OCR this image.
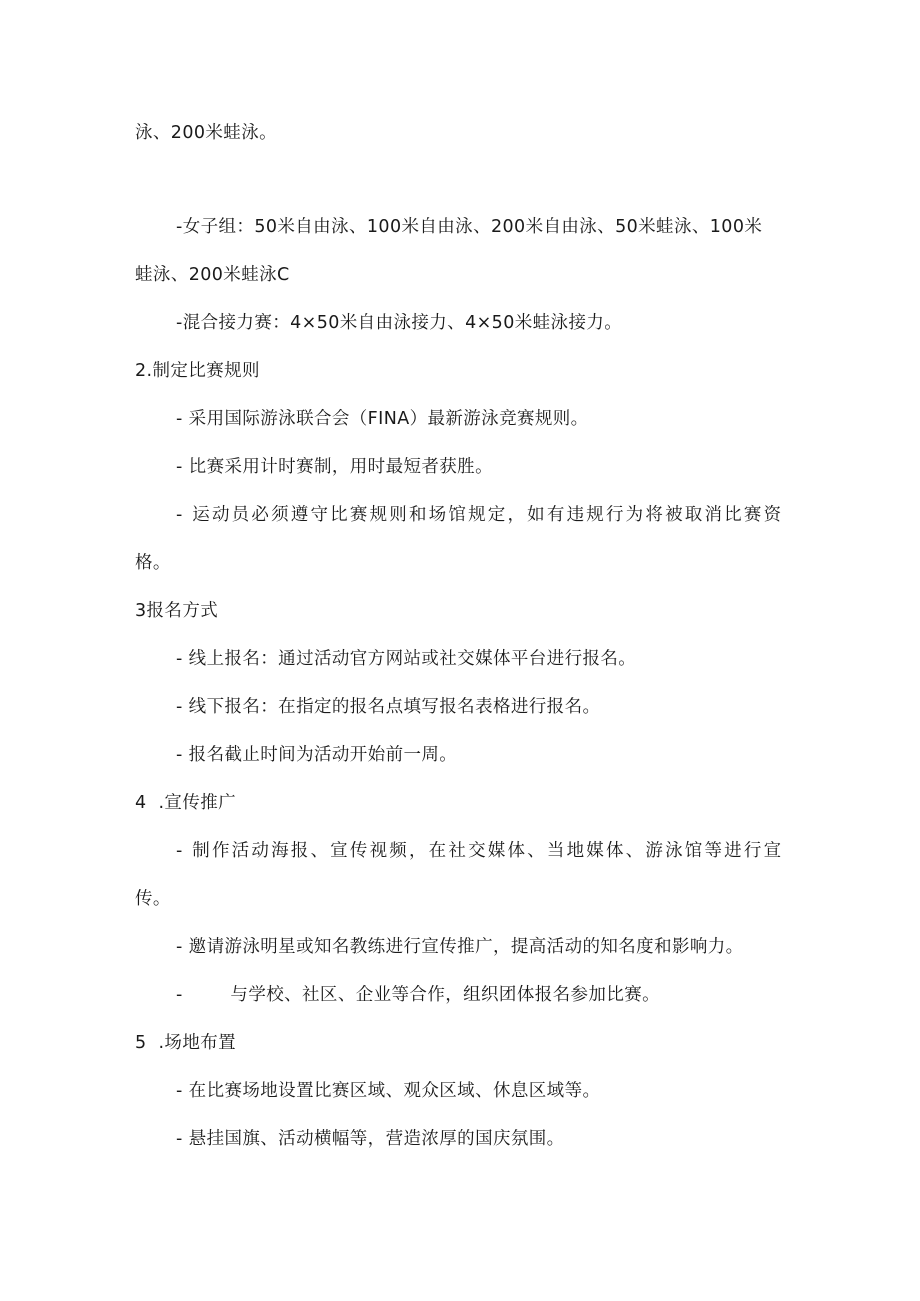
泳、200米蛙泳。
-女子组：50米自由泳、100米自由泳、200米自由泳、50米蛙泳、100米
蛙泳、200米蛙泳C
-混合接力赛：4×50米自由泳接力、4×50米蛙泳接力。
2.制定比赛规则
- 采用国际游泳联合会（FINA）最新游泳竞赛规则。
- 比赛采用计时赛制，用时最短者获胜。
- 运动员必须遵守比赛规则和场馆规定，如有违规行为将被取消比赛资
格。
3报名方式
- 线上报名：通过活动官方网站或社交媒体平台进行报名。
- 线下报名：在指定的报名点填写报名表格进行报名。
- 报名截止时间为活动开始前一周。
4  .宣传推广
- 制作活动海报、宣传视频，在社交媒体、当地媒体、游泳馆等进行宣
传。
- 邀请游泳明星或知名教练进行宣传推广，提高活动的知名度和影响力。
-        与学校、社区、企业等合作，组织团体报名参加比赛。
5  .场地布置
- 在比赛场地设置比赛区域、观众区域、休息区域等。
- 悬挂国旗、活动横幅等，营造浓厚的国庆氛围。
